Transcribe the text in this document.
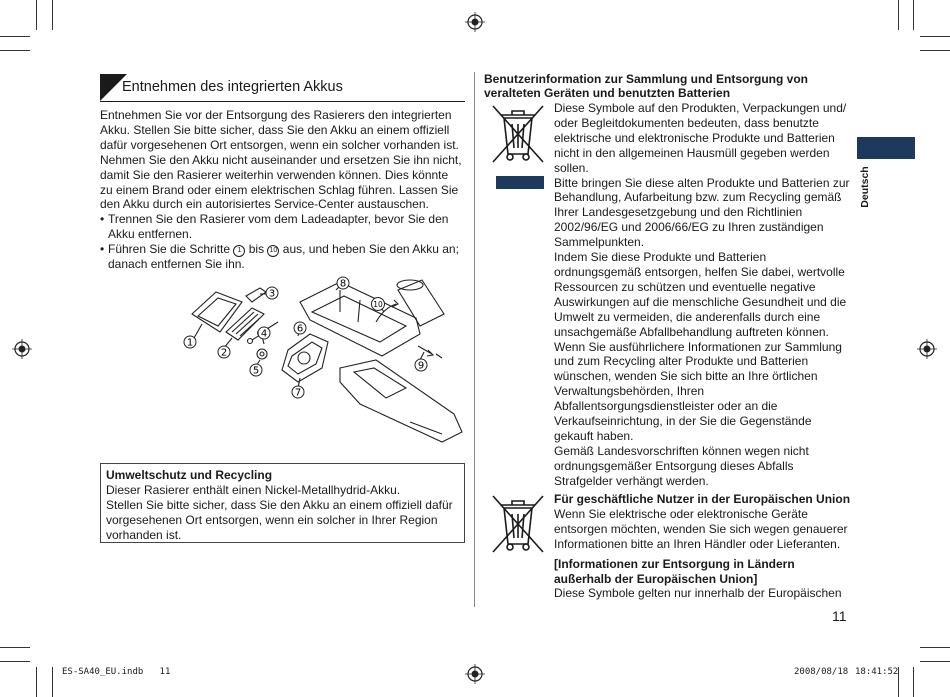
Entnehmen des integrierten Akkus

Entnehmen Sie vor der Entsorgung des Rasierers den integrierten Akku. Stellen Sie bitte sicher, dass Sie den Akku an einem offiziell dafür vorgesehenen Ort entsorgen, wenn ein solcher vorhanden ist. Nehmen Sie den Akku nicht auseinander und ersetzen Sie ihn nicht, damit Sie den Rasierer weiterhin verwenden können. Dies könnte zu einem Brand oder einem elektrischen Schlag führen. Lassen Sie den Akku durch ein autorisiertes Service-Center austauschen.

• Trennen Sie den Rasierer vom dem Ladeadapter, bevor Sie den Akku entfernen.
• Führen Sie die Schritte 1 bis 10 aus, und heben Sie den Akku an; danach entfernen Sie ihn.
1
2
3
4
5
6
7
8
9
10

Umweltschutz und Recycling

Dieser Rasierer enthält einen Nickel-Metallhydrid-Akku.

Stellen Sie bitte sicher, dass Sie den Akku an einem offiziell dafür vorgesehenen Ort entsorgen, wenn ein solcher in Ihrer Region vorhanden ist.

Benutzerinformation zur Sammlung und Entsorgung von veralteten Geräten und benutzten Batterien

Diese Symbole auf den Produkten, Verpackungen und/ oder Begleitdokumenten bedeuten, dass benutzte elektrische und elektronische Produkte und Batterien nicht in den allgemeinen Hausmüll gegeben werden sollen.

Bitte bringen Sie diese alten Produkte und Batterien zur Behandlung, Aufarbeitung bzw. zum Recycling gemäß Ihrer Landesgesetzgebung und den Richtlinien 2002/96/EG und 2006/66/EG zu Ihren zuständigen Sammelpunkten.

Indem Sie diese Produkte und Batterien ordnungsgemäß entsorgen, helfen Sie dabei, wertvolle Ressourcen zu schützen und eventuelle negative Auswirkungen auf die menschliche Gesundheit und die Umwelt zu vermeiden, die anderenfalls durch eine unsachgemäße Abfallbehandlung auftreten können.

Wenn Sie ausführlichere Informationen zur Sammlung und zum Recycling alter Produkte und Batterien wünschen, wenden Sie sich bitte an Ihre örtlichen Verwaltungsbehörden, Ihren Abfallentsorgungsdienstleister oder an die Verkaufseinrichtung, in der Sie die Gegenstände gekauft haben.

Gemäß Landesvorschriften können wegen nicht ordnungsgemäßer Entsorgung dieses Abfalls Strafgelder verhängt werden.

Für geschäftliche Nutzer in der Europäischen Union

Wenn Sie elektrische oder elektronische Geräte entsorgen möchten, wenden Sie sich wegen genauerer Informationen bitte an Ihren Händler oder Lieferanten.

[Informationen zur Entsorgung in Ländern außerhalb der Europäischen Union]

Diese Symbole gelten nur innerhalb der Europäischen

Deutsch
11
ES-SA40_EU.indb   11	2008/08/18 18:41:52
